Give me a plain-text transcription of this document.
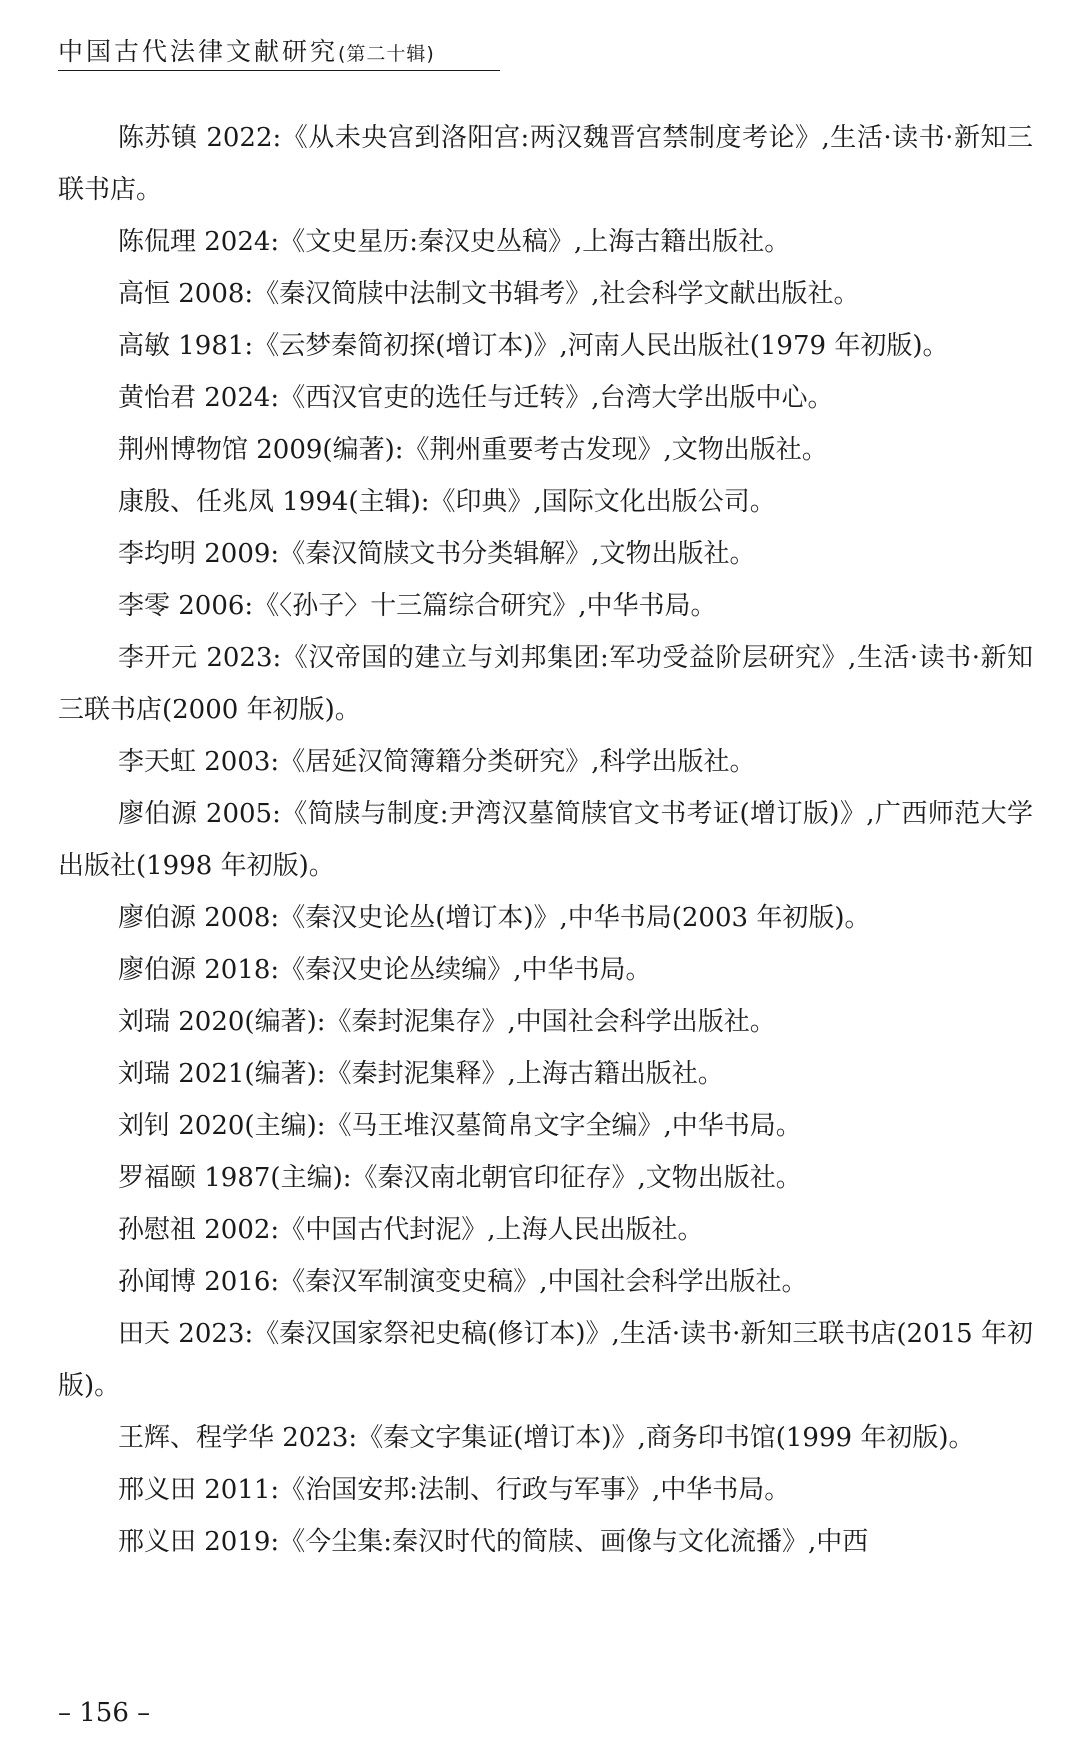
中国古代法律文献研究(第二十辑)
陈苏镇 2022:《从未央宫到洛阳宫:两汉魏晋宫禁制度考论》,生活·读书·新知三联书店。
陈侃理 2024:《文史星历:秦汉史丛稿》,上海古籍出版社。
高恒 2008:《秦汉简牍中法制文书辑考》,社会科学文献出版社。
高敏 1981:《云梦秦简初探(增订本)》,河南人民出版社(1979 年初版)。
黄怡君 2024:《西汉官吏的选任与迁转》,台湾大学出版中心。
荆州博物馆 2009(编著):《荆州重要考古发现》,文物出版社。
康殷、任兆凤 1994(主辑):《印典》,国际文化出版公司。
李均明 2009:《秦汉简牍文书分类辑解》,文物出版社。
李零 2006:《〈孙子〉十三篇综合研究》,中华书局。
李开元 2023:《汉帝国的建立与刘邦集团:军功受益阶层研究》,生活·读书·新知三联书店(2000 年初版)。
李天虹 2003:《居延汉简簿籍分类研究》,科学出版社。
廖伯源 2005:《简牍与制度:尹湾汉墓简牍官文书考证(增订版)》,广西师范大学出版社(1998 年初版)。
廖伯源 2008:《秦汉史论丛(增订本)》,中华书局(2003 年初版)。
廖伯源 2018:《秦汉史论丛续编》,中华书局。
刘瑞 2020(编著):《秦封泥集存》,中国社会科学出版社。
刘瑞 2021(编著):《秦封泥集释》,上海古籍出版社。
刘钊 2020(主编):《马王堆汉墓简帛文字全编》,中华书局。
罗福颐 1987(主编):《秦汉南北朝官印征存》,文物出版社。
孙慰祖 2002:《中国古代封泥》,上海人民出版社。
孙闻博 2016:《秦汉军制演变史稿》,中国社会科学出版社。
田天 2023:《秦汉国家祭祀史稿(修订本)》,生活·读书·新知三联书店(2015 年初版)。
王辉、程学华 2023:《秦文字集证(增订本)》,商务印书馆(1999 年初版)。
邢义田 2011:《治国安邦:法制、行政与军事》,中华书局。
邢义田 2019:《今尘集:秦汉时代的简牍、画像与文化流播》,中西
– 156 –
